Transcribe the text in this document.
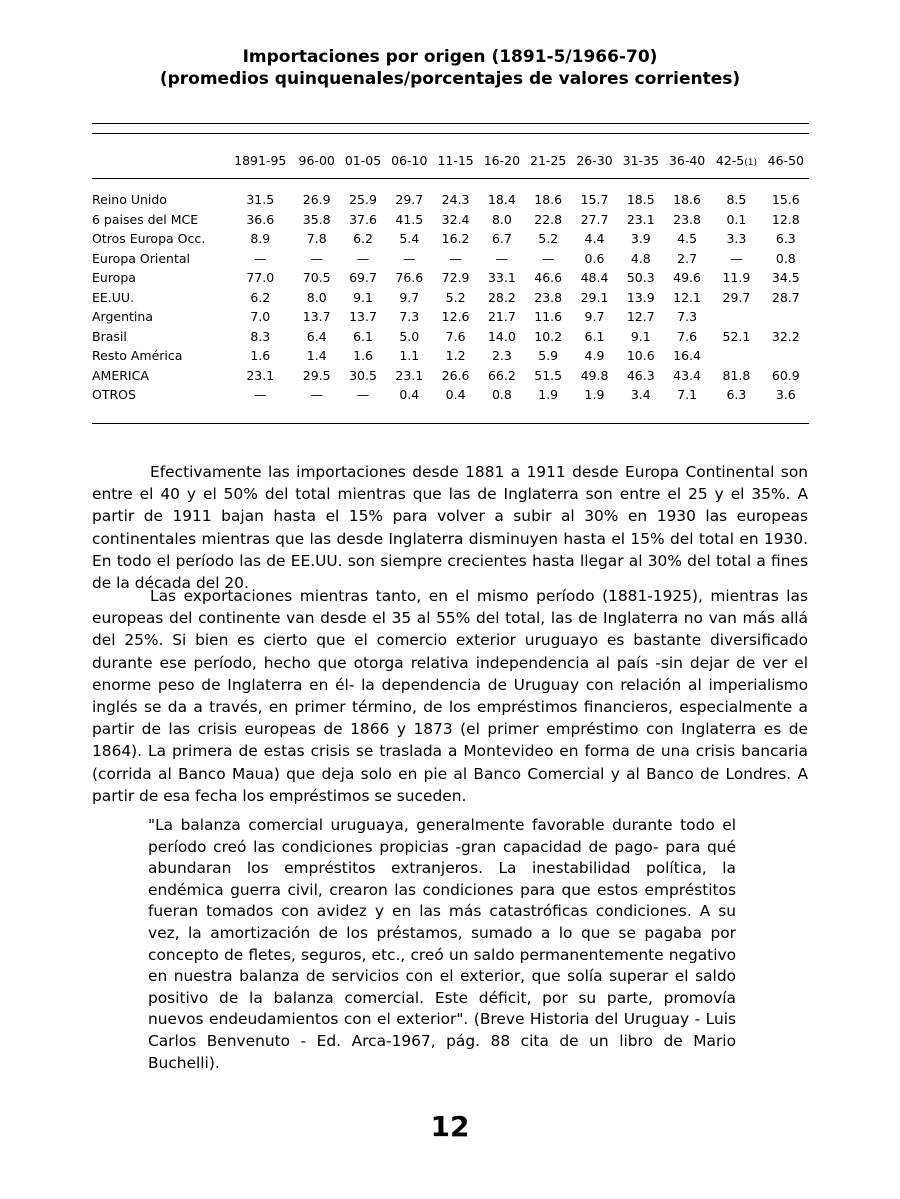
Importaciones por origen (1891-5/1966-70)
(promedios quinquenales/porcentajes de valores corrientes)
	1891-95	96-00	01-05	06-10	11-15	16-20	21-25	26-30	31-35	36-40	42-5(1)	46-50

Reino Unido	31.5	26.9	25.9	29.7	24.3	18.4	18.6	15.7	18.5	18.6	8.5	15.6
6 paises del MCE	36.6	35.8	37.6	41.5	32.4	8.0	22.8	27.7	23.1	23.8	0.1	12.8
Otros Europa Occ.	8.9	7.8	6.2	5.4	16.2	6.7	5.2	4.4	3.9	4.5	3.3	6.3
Europa Oriental	—	—	—	—	—	—	—	0.6	4.8	2.7	—	0.8
Europa	77.0	70.5	69.7	76.6	72.9	33.1	46.6	48.4	50.3	49.6	11.9	34.5
EE.UU.	6.2	8.0	9.1	9.7	5.2	28.2	23.8	29.1	13.9	12.1	29.7	28.7
Argentina	7.0	13.7	13.7	7.3	12.6	21.7	11.6	9.7	12.7	7.3		
Brasil	8.3	6.4	6.1	5.0	7.6	14.0	10.2	6.1	9.1	7.6	52.1	32.2
Resto América	1.6	1.4	1.6	1.1	1.2	2.3	5.9	4.9	10.6	16.4		
AMERICA	23.1	29.5	30.5	23.1	26.6	66.2	51.5	49.8	46.3	43.4	81.8	60.9
OTROS	—	—	—	0.4	0.4	0.8	1.9	1.9	3.4	7.1	6.3	3.6

Efectivamente las importaciones desde 1881 a 1911 desde Europa Continental son entre el 40 y el 50% del total mientras que las de Inglaterra son entre el 25 y el 35%. A partir de 1911 bajan hasta el 15% para volver a subir al 30% en 1930 las europeas continentales mientras que las desde Inglaterra disminuyen hasta el 15% del total en 1930. En todo el período las de EE.UU. son siempre crecientes hasta llegar al 30% del total a fines de la década del 20.

Las exportaciones mientras tanto, en el mismo período (1881-1925), mientras las europeas del continente van desde el 35 al 55% del total, las de Inglaterra no van más allá del 25%. Si bien es cierto que el comercio exterior uruguayo es bastante diversificado durante ese período, hecho que otorga relativa independencia al país -sin dejar de ver el enorme peso de Inglaterra en él- la dependencia de Uruguay con relación al imperialismo inglés se da a través, en primer término, de los empréstimos financieros, especialmente a partir de las crisis europeas de 1866 y 1873 (el primer empréstimo con Inglaterra es de 1864). La primera de estas crisis se traslada a Montevideo en forma de una crisis bancaria (corrida al Banco Maua) que deja solo en pie al Banco Comercial y al Banco de Londres. A partir de esa fecha los empréstimos se suceden.

"La balanza comercial uruguaya, generalmente favorable durante todo el período creó las condiciones propicias -gran capacidad de pago- para qué abundaran los empréstitos extranjeros. La inestabilidad política, la endémica guerra civil, crearon las condiciones para que estos empréstitos fueran tomados con avidez y en las más catastróficas condiciones. A su vez, la amortización de los préstamos, sumado a lo que se pagaba por concepto de fletes, seguros, etc., creó un saldo permanentemente negativo en nuestra balanza de servicios con el exterior, que solía superar el saldo positivo de la balanza comercial. Este déficit, por su parte, promovía nuevos endeudamientos con el exterior". (Breve Historia del Uruguay - Luis Carlos Benvenuto - Ed. Arca-1967, pág. 88 cita de un libro de Mario Buchelli).

12
